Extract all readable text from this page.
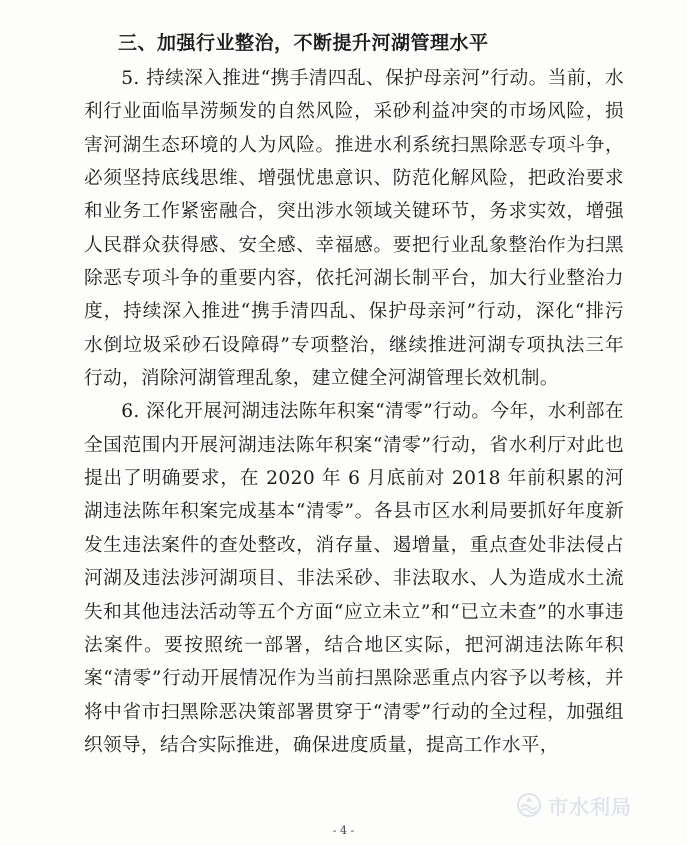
三、加强行业整治，不断提升河湖管理水平

5. 持续深入推进“携手清四乱、保护母亲河”行动。当前，水利行业面临旱涝频发的自然风险，采砂利益冲突的市场风险，损害河湖生态环境的人为风险。推进水利系统扫黑除恶专项斗争，必须坚持底线思维、增强忧患意识、防范化解风险，把政治要求和业务工作紧密融合，突出涉水领域关键环节，务求实效，增强人民群众获得感、安全感、幸福感。要把行业乱象整治作为扫黑除恶专项斗争的重要内容，依托河湖长制平台，加大行业整治力度，持续深入推进“携手清四乱、保护母亲河”行动，深化“排污水倒垃圾采砂石设障碍”专项整治，继续推进河湖专项执法三年行动，消除河湖管理乱象，建立健全河湖管理长效机制。

6. 深化开展河湖违法陈年积案“清零”行动。今年，水利部在全国范围内开展河湖违法陈年积案“清零”行动，省水利厅对此也提出了明确要求，在 2020 年 6 月底前对 2018 年前积累的河湖违法陈年积案完成基本“清零”。各县市区水利局要抓好年度新发生违法案件的查处整改，消存量、遏增量，重点查处非法侵占河湖及违法涉河湖项目、非法采砂、非法取水、人为造成水土流失和其他违法活动等五个方面“应立未立”和“已立未查”的水事违法案件。要按照统一部署，结合地区实际，把河湖违法陈年积案“清零”行动开展情况作为当前扫黑除恶重点内容予以考核，并将中省市扫黑除恶决策部署贯穿于“清零”行动的全过程，加强组织领导，结合实际推进，确保进度质量，提高工作水平，

市水利局
- 4 -
